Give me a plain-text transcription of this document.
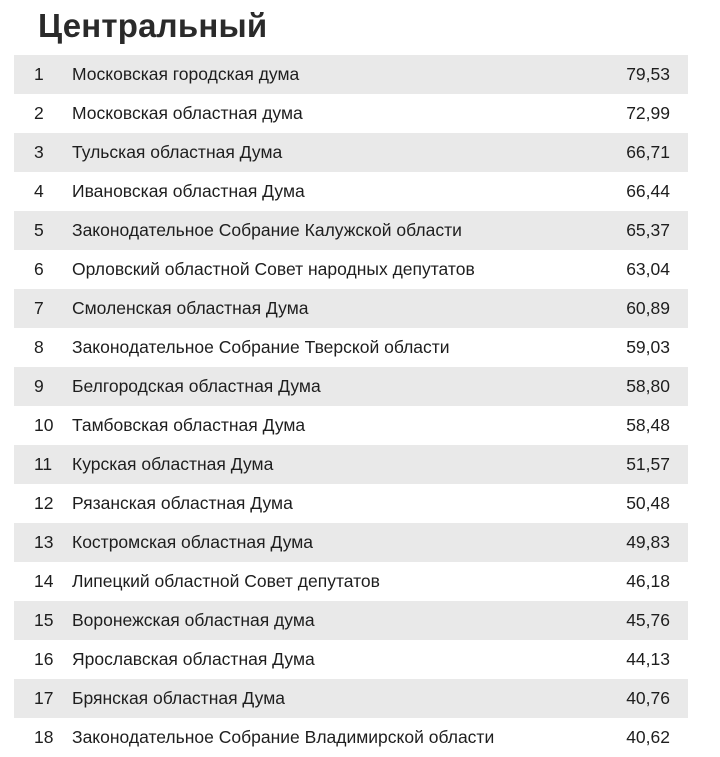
Центральный
1	Московская городская дума	79,53
2	Московская областная дума	72,99
3	Тульская областная Дума	66,71
4	Ивановская областная Дума	66,44
5	Законодательное Собрание Калужской области	65,37
6	Орловский областной Совет народных депутатов	63,04
7	Смоленская областная Дума	60,89
8	Законодательное Собрание Тверской области	59,03
9	Белгородская областная Дума	58,80
10	Тамбовская областная Дума	58,48
11	Курская областная Дума	51,57
12	Рязанская областная Дума	50,48
13	Костромская областная Дума	49,83
14	Липецкий областной Совет депутатов	46,18
15	Воронежская областная дума	45,76
16	Ярославская областная Дума	44,13
17	Брянская областная Дума	40,76
18	Законодательное Собрание Владимирской области	40,62
